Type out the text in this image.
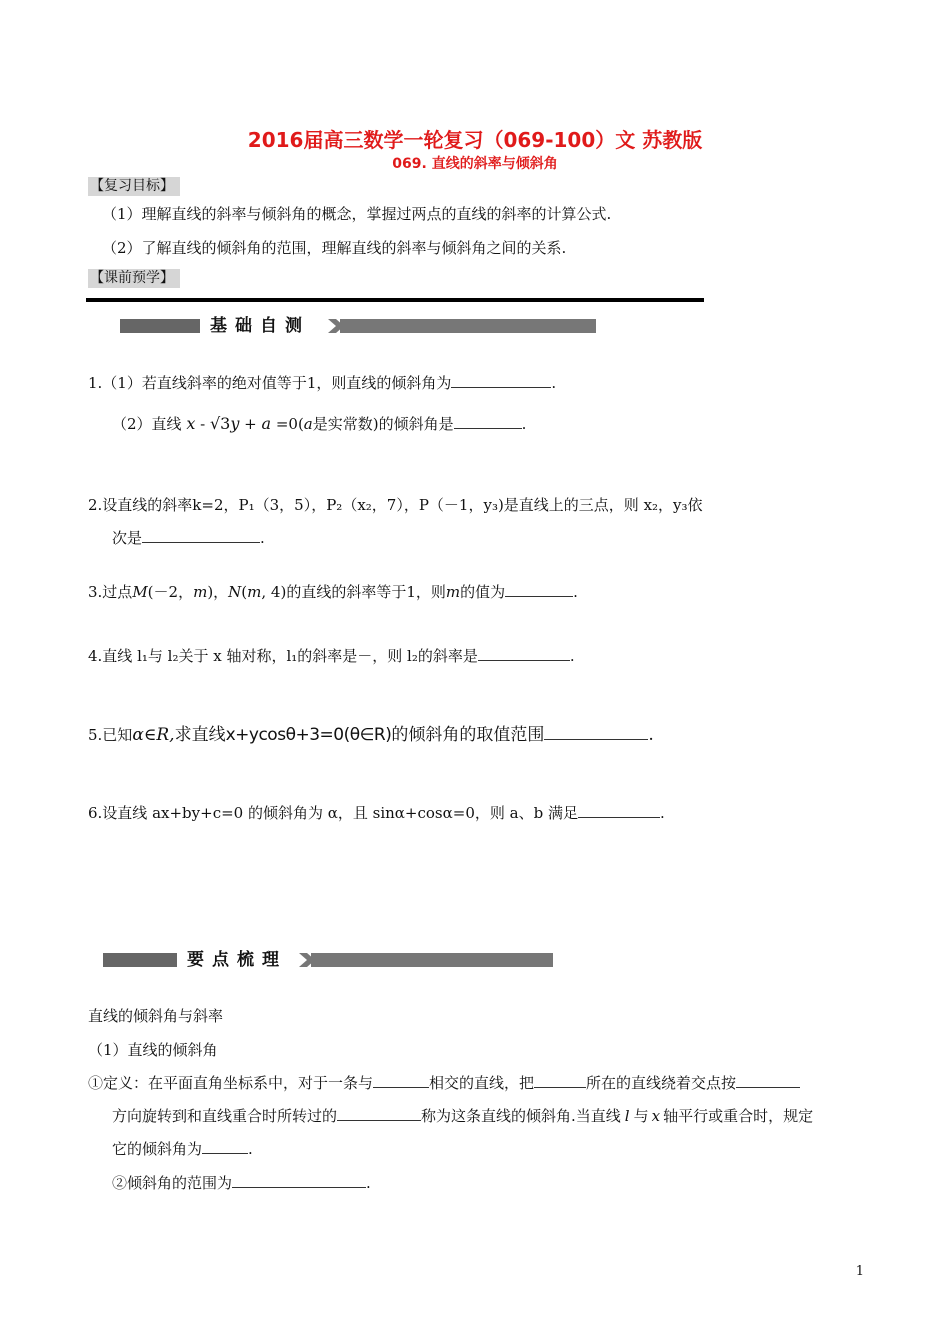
2016届高三数学一轮复习（069-100）文 苏教版
069. 直线的斜率与倾斜角
【复习目标】
（1）理解直线的斜率与倾斜角的概念，掌握过两点的直线的斜率的计算公式.
（2）了解直线的倾斜角的范围，理解直线的斜率与倾斜角之间的关系.
【课前预学】
基础自测
1.（1）若直线斜率的绝对值等于1，则直线的倾斜角为	.
（2）直线 x - √3y + a =0(a是实常数)的倾斜角是	.
2.设直线的斜率k=2，P₁（3，5），P₂（x₂，7），P（－1，y₃)是直线上的三点，则 x₂，y₃依
次是	.
3.过点M(－2，m)，N(m, 4)的直线的斜率等于1，则m的值为	.
4.直线 l₁与 l₂关于 x 轴对称，l₁的斜率是－，则 l₂的斜率是	.
5.已知α∈R,求直线x+ycosθ+3=0(θ∈R)的倾斜角的取值范围	.
6.设直线 ax+by+c=0 的倾斜角为 α，且 sinα+cosα=0，则 a、b 满足	.
要点梳理
直线的倾斜角与斜率
（1）直线的倾斜角
①定义：在平面直角坐标系中，对于一条与	相交的直线，把	所在的直线绕着交点按
方向旋转到和直线重合时所转过的	称为这条直线的倾斜角.当直线 l 与 x 轴平行或重合时，规定
它的倾斜角为	.
②倾斜角的范围为	.
1
